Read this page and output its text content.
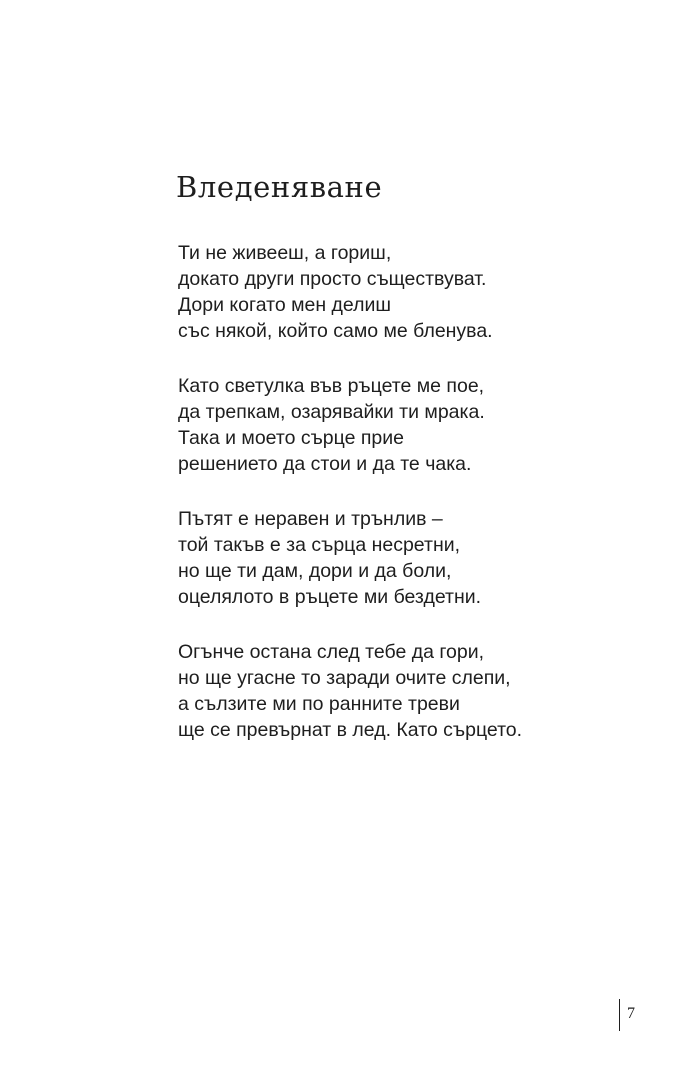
Вледеняване

Ти не живееш, а гориш,
докато други просто съществуват.
Дори когато мен делиш
със някой, който само ме бленува.

Като светулка във ръцете ме пое,
да трепкам, озарявайки ти мрака.
Така и моето сърце прие
решението да стои и да те чака.

Пътят е неравен и трънлив –
той такъв е за сърца несретни,
но ще ти дам, дори и да боли,
оцелялото в ръцете ми бездетни.

Огънче остана след тебе да гори,
но ще угасне то заради очите слепи,
а сълзите ми по ранните треви
ще се превърнат в лед. Като сърцето.

7
